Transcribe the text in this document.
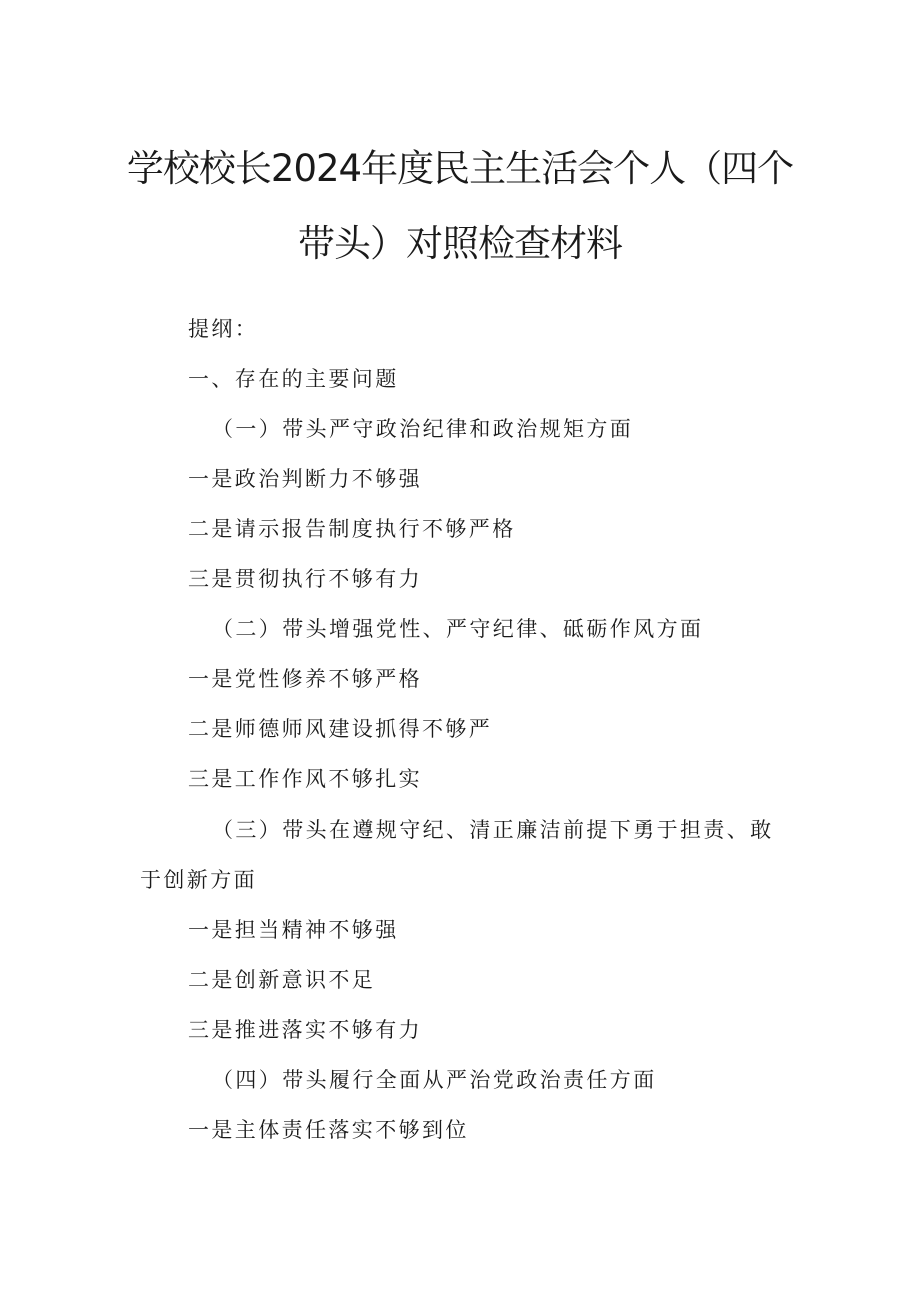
学校校长2024年度民主生活会个人（四个
带头）对照检查材料

提纲：

一、存在的主要问题

（一）带头严守政治纪律和政治规矩方面

一是政治判断力不够强

二是请示报告制度执行不够严格

三是贯彻执行不够有力

（二）带头增强党性、严守纪律、砥砺作风方面

一是党性修养不够严格

二是师德师风建设抓得不够严

三是工作作风不够扎实

（三）带头在遵规守纪、清正廉洁前提下勇于担责、敢

于创新方面

一是担当精神不够强

二是创新意识不足

三是推进落实不够有力

（四）带头履行全面从严治党政治责任方面

一是主体责任落实不够到位
